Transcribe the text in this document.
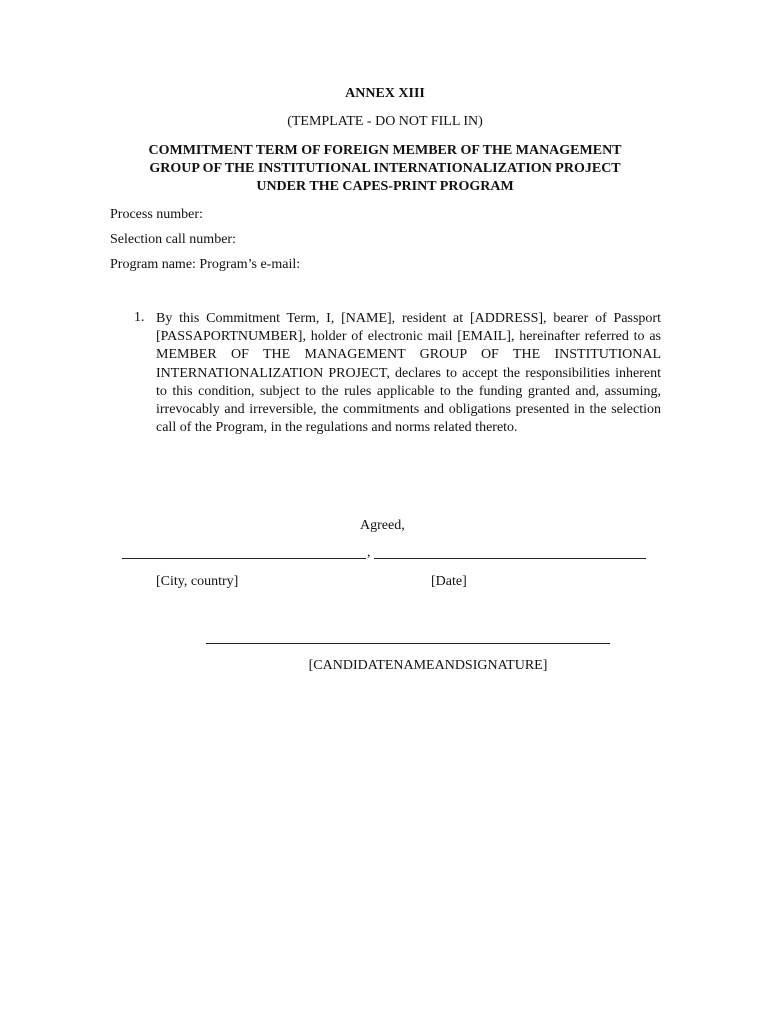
ANNEX XIII
(TEMPLATE - DO NOT FILL IN)
COMMITMENT TERM OF FOREIGN MEMBER OF THE MANAGEMENT
GROUP OF THE INSTITUTIONAL INTERNATIONALIZATION PROJECT
UNDER THE CAPES-PRINT PROGRAM
Process number:
Selection call number:
Program name: Program’s e-mail:
1. By this Commitment Term, I, [NAME], resident at [ADDRESS], bearer of Passport [PASSAPORTNUMBER], holder of electronic mail [EMAIL], hereinafter referred to as MEMBER OF THE MANAGEMENT GROUP OF THE INSTITUTIONAL INTERNATIONALIZATION PROJECT, declares to accept the responsibilities inherent to this condition, subject to the rules applicable to the funding granted and, assuming, irrevocably and irreversible, the commitments and obligations presented in the selection call of the Program, in the regulations and norms related thereto.
Agreed,
,
[City, country]	[Date]
[CANDIDATENAMEANDSIGNATURE]
